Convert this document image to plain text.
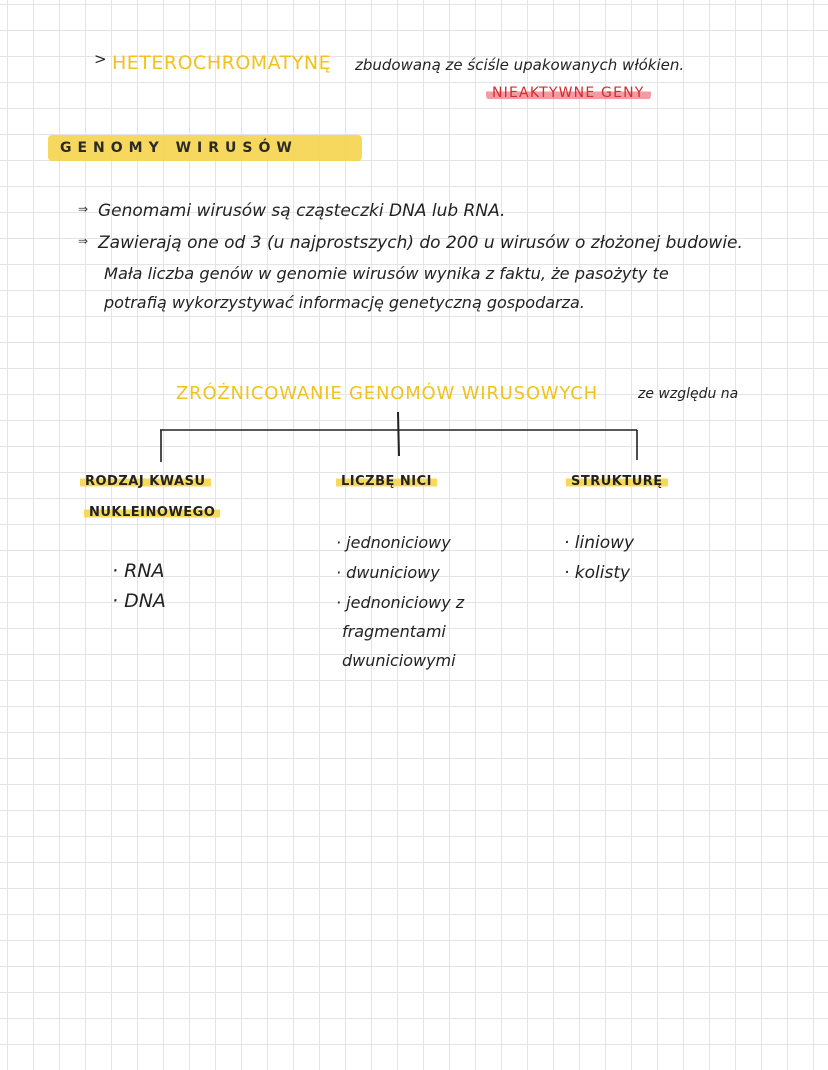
> HETEROCHROMATYNĘ zbudowaną ze ściśle upakowanych włókien.
NIEAKTYWNE GENY
GENOMY WIRUSÓW
⇒ Genomami wirusów są cząsteczki DNA lub RNA.
⇒ Zawierają one od 3 (u najprostszych) do 200 u wirusów o złożonej budowie.
Mała liczba genów w genomie wirusów wynika z faktu, że pasożyty te
potrafią wykorzystywać informację genetyczną gospodarza.
ZRÓŻNICOWANIE GENOMÓW WIRUSOWYCH	ze względu na
RODZAJ KWASU
NUKLEINOWEGO
LICZBĘ NICI	STRUKTURĘ
· RNA
· DNA
· jednoniciowy
· dwuniciowy
· jednoniciowy z
fragmentami
dwuniciowymi
· liniowy
· kolisty
